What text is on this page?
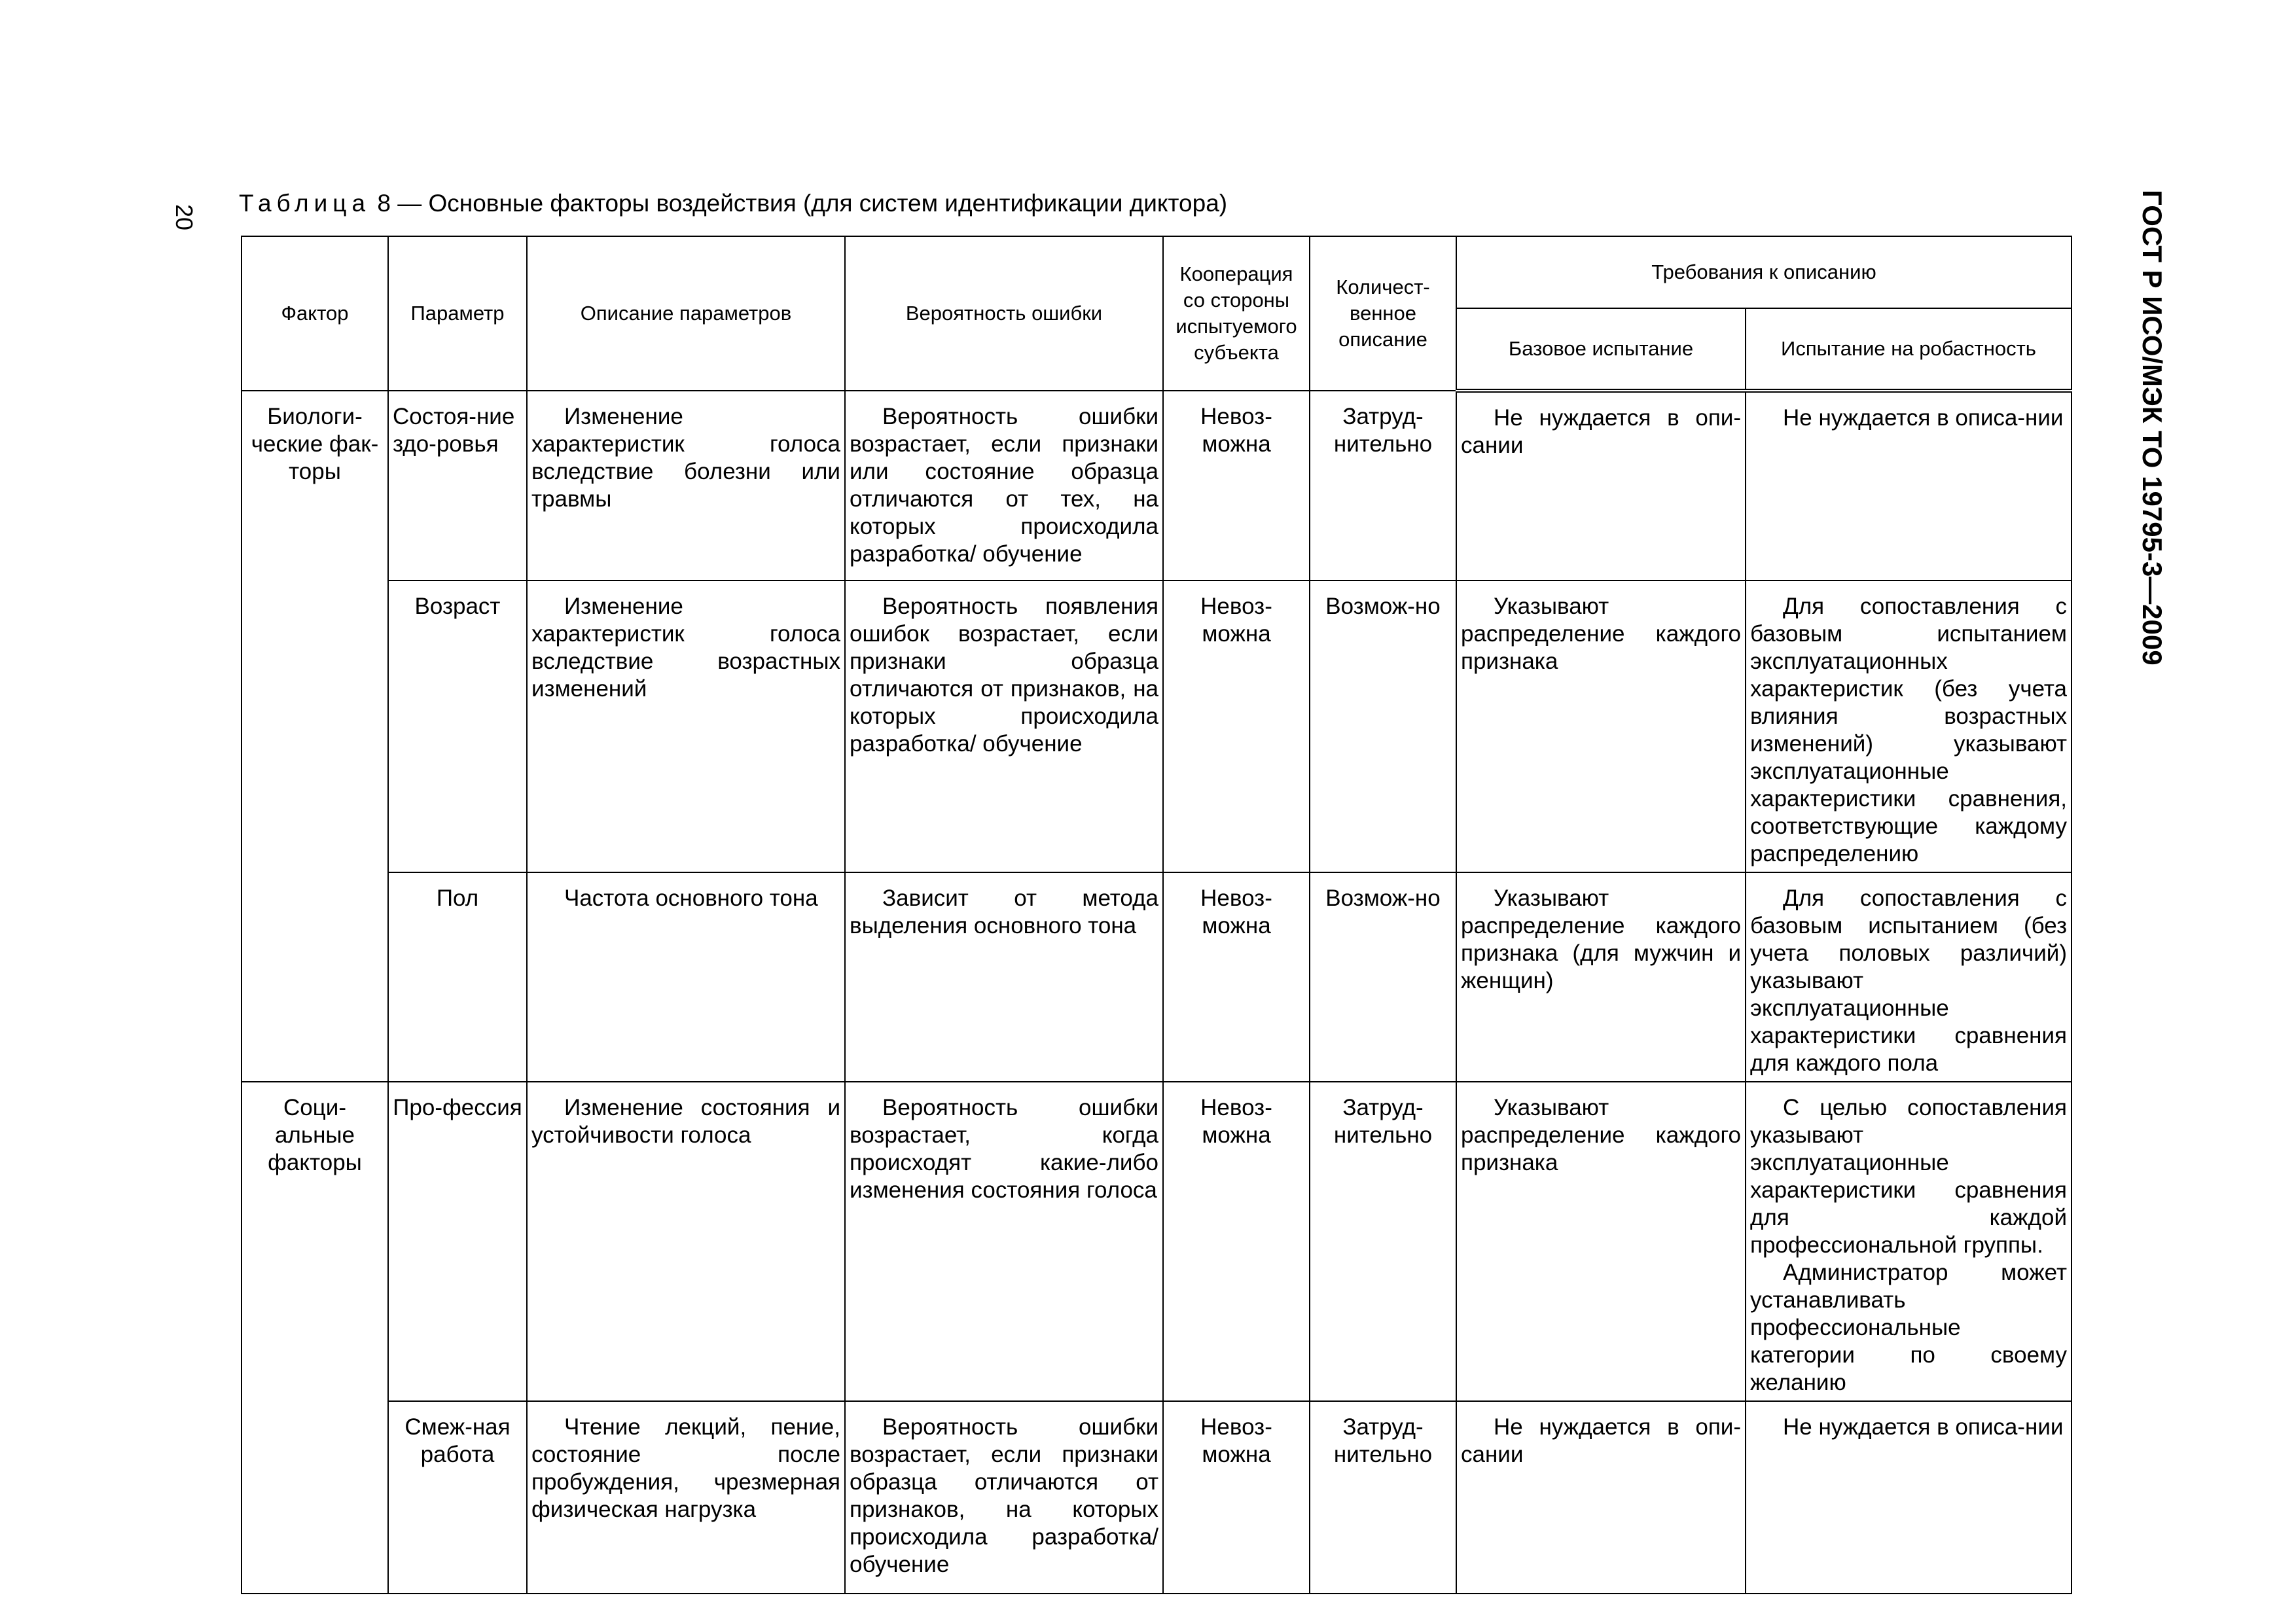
20	ГОСТ Р ИСО/МЭК ТО 19795-3—2009
Таблица 8 — Основные факторы воздействия (для систем идентификации диктора)
Фактор	Параметр	Описание параметров	Вероятность ошибки	Кооперация со стороны испытуемого субъекта	Количест-венное описание	Требования к описанию	
						Базовое испытание	Испытание на робастность
Биологи-ческие фак-торы	Состоя-ние здо-ровья	Изменение характеристик голоса вследствие болезни или травмы	Вероятность ошибки возрастает, если признаки или состояние образца отличаются от тех, на которых происходила разработка/ обучение	Невоз-можна	Затруд-нительно	Не нуждается в опи-сании	Не нуждается в описа-нии
	Возраст	Изменение характеристик голоса вследствие возрастных изменений	Вероятность появления ошибок возрастает, если признаки образца отличаются от признаков, на которых происходила разработка/ обучение	Невоз-можна	Возмож-но	Указывают распределение каждого признака	Для сопоставления с базовым испытанием эксплуатационных характеристик (без учета влияния возрастных изменений) указывают эксплуатационные характеристики сравнения, соответствующие каждому распределению
	Пол	Частота основного тона	Зависит от метода выделения основного тона	Невоз-можна	Возмож-но	Указывают распределение каждого признака (для мужчин и женщин)	Для сопоставления с базовым испытанием (без учета половых различий) указывают эксплуатационные характеристики сравнения для каждого пола
Соци-альные факторы	Про-фессия	Изменение состояния и устойчивости голоса	Вероятность ошибки возрастает, когда происходят какие-либо изменения состояния голоса	Невоз-можна	Затруд-нительно	Указывают распределение каждого признака	С целью сопоставления указывают эксплуатационные характеристики сравнения для каждой профессиональной группы.
Администратор может устанавливать профессиональные категории по своему желанию

	Смеж-ная работа	Чтение лекций, пение, состояние после пробуждения, чрезмерная физическая нагрузка	Вероятность ошибки возрастает, если признаки образца отличаются от признаков, на которых происходила разработка/ обучение	Невоз-можна	Затруд-нительно	Не нуждается в опи-сании	Не нуждается в описа-нии
